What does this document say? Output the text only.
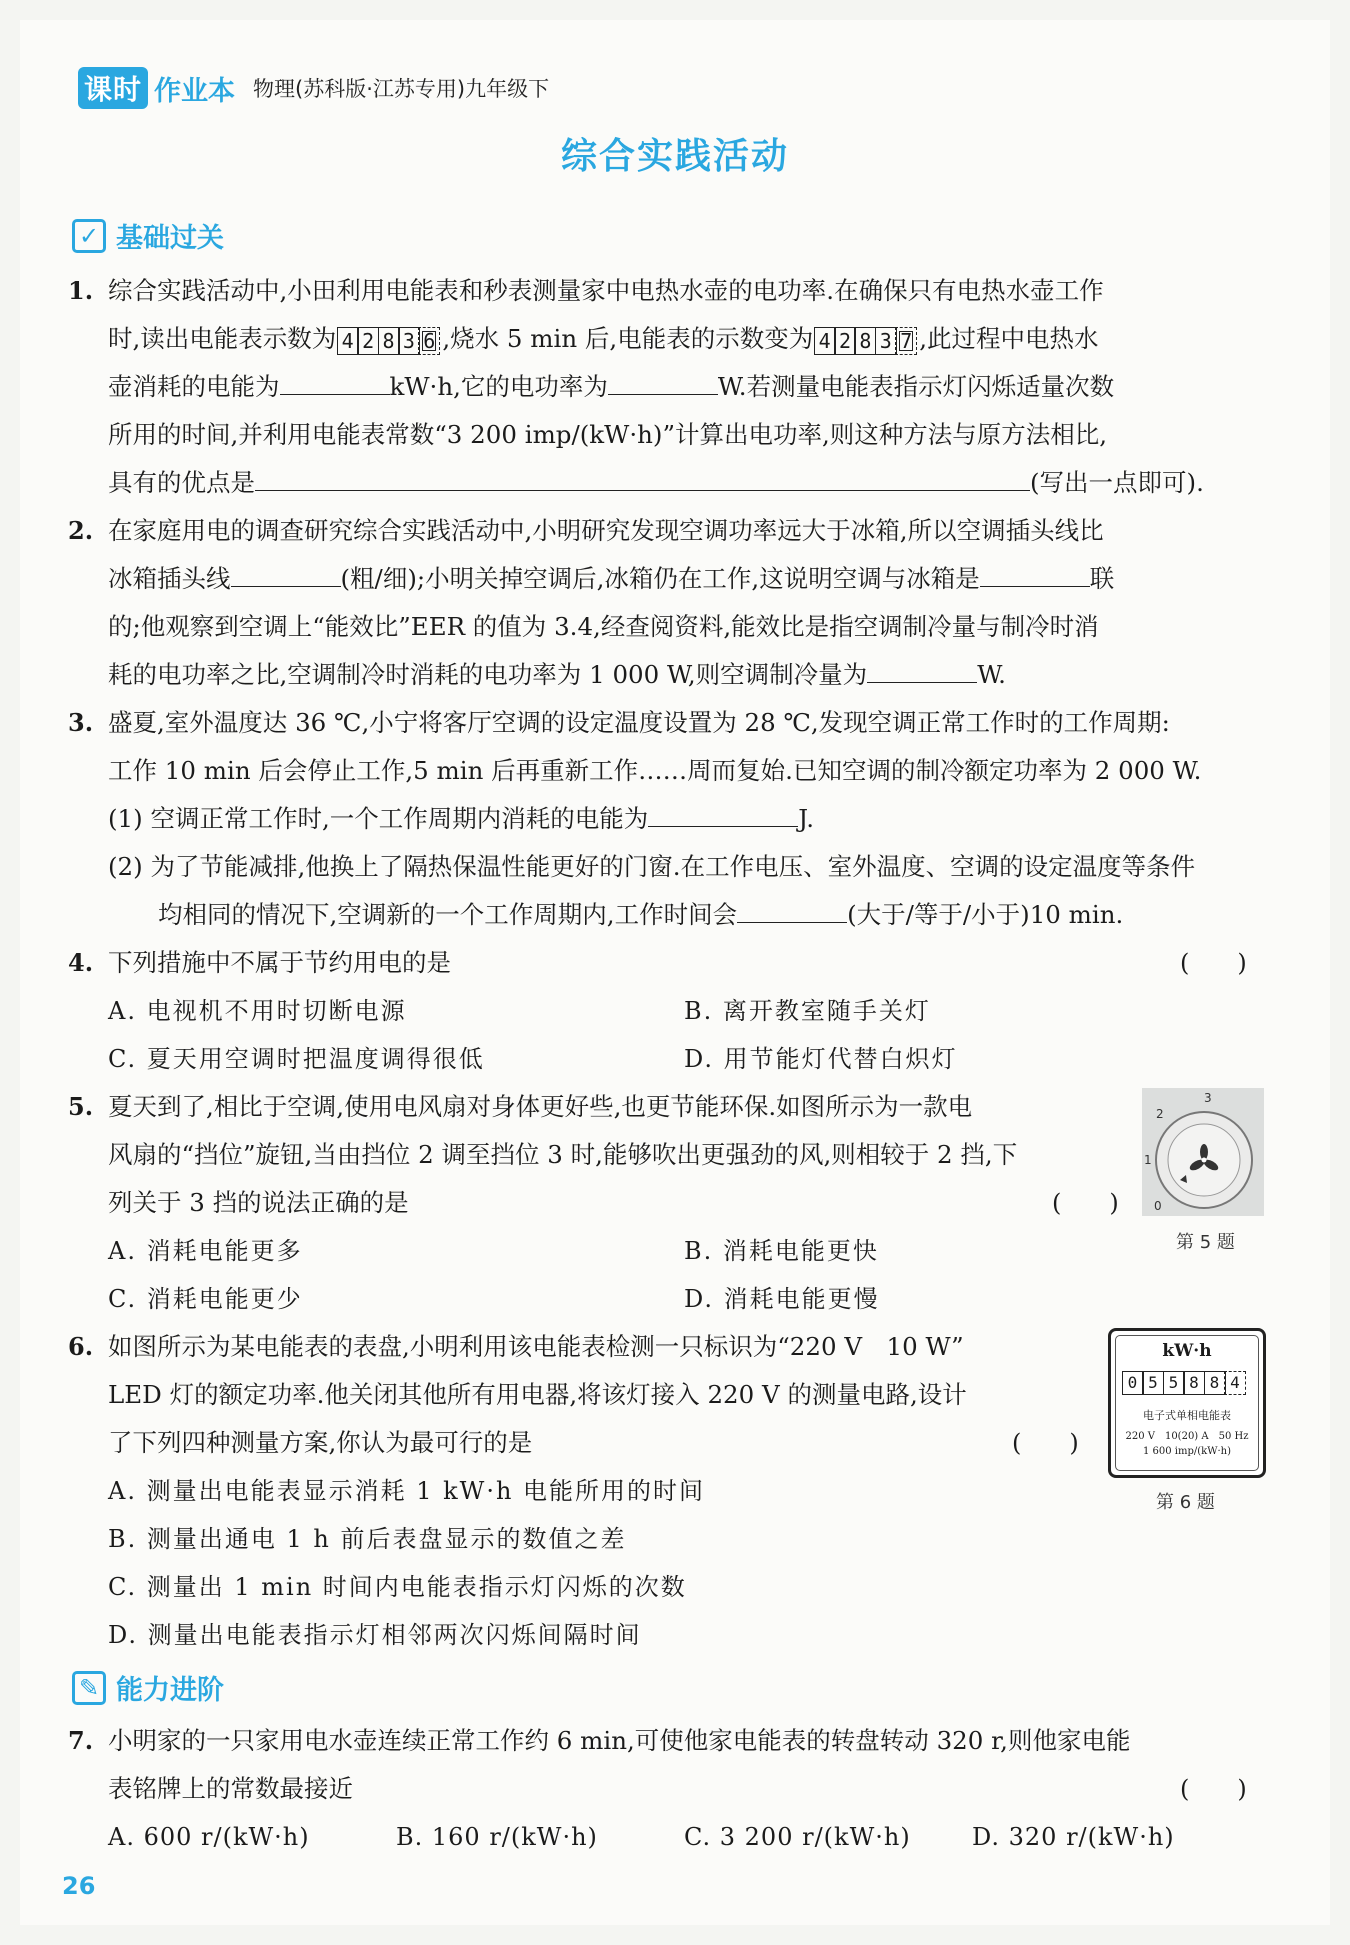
课时 作业本 物理(苏科版·江苏专用)九年级下
综合实践活动
✓ 基础过关
1. 综合实践活动中,小田利用电能表和秒表测量家中电热水壶的电功率.在确保只有电热水壶工作
时,读出电能表示数为 4 2 8 3 6 ,烧水 5 min 后,电能表的示数变为 4 2 8 3 7 ,此过程中电热水
壶消耗的电能为	kW·h,它的电功率为	W.若测量电能表指示灯闪烁适量次数
所用的时间,并利用电能表常数“3 200 imp/(kW·h)”计算出电功率,则这种方法与原方法相比,
具有的优点是	(写出一点即可).
2. 在家庭用电的调查研究综合实践活动中,小明研究发现空调功率远大于冰箱,所以空调插头线比
冰箱插头线	(粗/细);小明关掉空调后,冰箱仍在工作,这说明空调与冰箱是	联
的;他观察到空调上“能效比”EER 的值为 3.4,经查阅资料,能效比是指空调制冷量与制冷时消
耗的电功率之比,空调制冷时消耗的电功率为 1 000 W,则空调制冷量为	W.
3. 盛夏,室外温度达 36 ℃,小宁将客厅空调的设定温度设置为 28 ℃,发现空调正常工作时的工作周期:
工作 10 min 后会停止工作,5 min 后再重新工作……周而复始.已知空调的制冷额定功率为 2 000 W.
(1) 空调正常工作时,一个工作周期内消耗的电能为	J.
(2) 为了节能减排,他换上了隔热保温性能更好的门窗.在工作电压、室外温度、空调的设定温度等条件
均相同的情况下,空调新的一个工作周期内,工作时间会	(大于/等于/小于)10 min.
4. 下列措施中不属于节约用电的是	(　　)
A. 电视机不用时切断电源	B. 离开教室随手关灯
C. 夏天用空调时把温度调得很低	D. 用节能灯代替白炽灯
5. 夏天到了,相比于空调,使用电风扇对身体更好些,也更节能环保.如图所示为一款电
风扇的“挡位”旋钮,当由挡位 2 调至挡位 3 时,能够吹出更强劲的风,则相较于 2 挡,下
列关于 3 挡的说法正确的是	(　　)
A. 消耗电能更多	B. 消耗电能更快
C. 消耗电能更少	D. 消耗电能更慢
3
2
1
0
第 5 题
6. 如图所示为某电能表的表盘,小明利用该电能表检测一只标识为“220 V　10 W”
LED 灯的额定功率.他关闭其他所有用电器,将该灯接入 220 V 的测量电路,设计
了下列四种测量方案,你认为最可行的是	(　　)
A. 测量出电能表显示消耗 1 kW·h 电能所用的时间
B. 测量出通电 1 h 前后表盘显示的数值之差
C. 测量出 1 min 时间内电能表指示灯闪烁的次数
D. 测量出电能表指示灯相邻两次闪烁间隔时间
kW·h
0 5 5 8 8 4
电子式单相电能表
220 V　10(20) A　50 Hz
1 600 imp/(kW·h)
第 6 题
✎ 能力进阶
7. 小明家的一只家用电水壶连续正常工作约 6 min,可使他家电能表的转盘转动 320 r,则他家电能
表铭牌上的常数最接近	(　　)
A. 600 r/(kW·h)	B. 160 r/(kW·h)	C. 3 200 r/(kW·h)	D. 320 r/(kW·h)
26
